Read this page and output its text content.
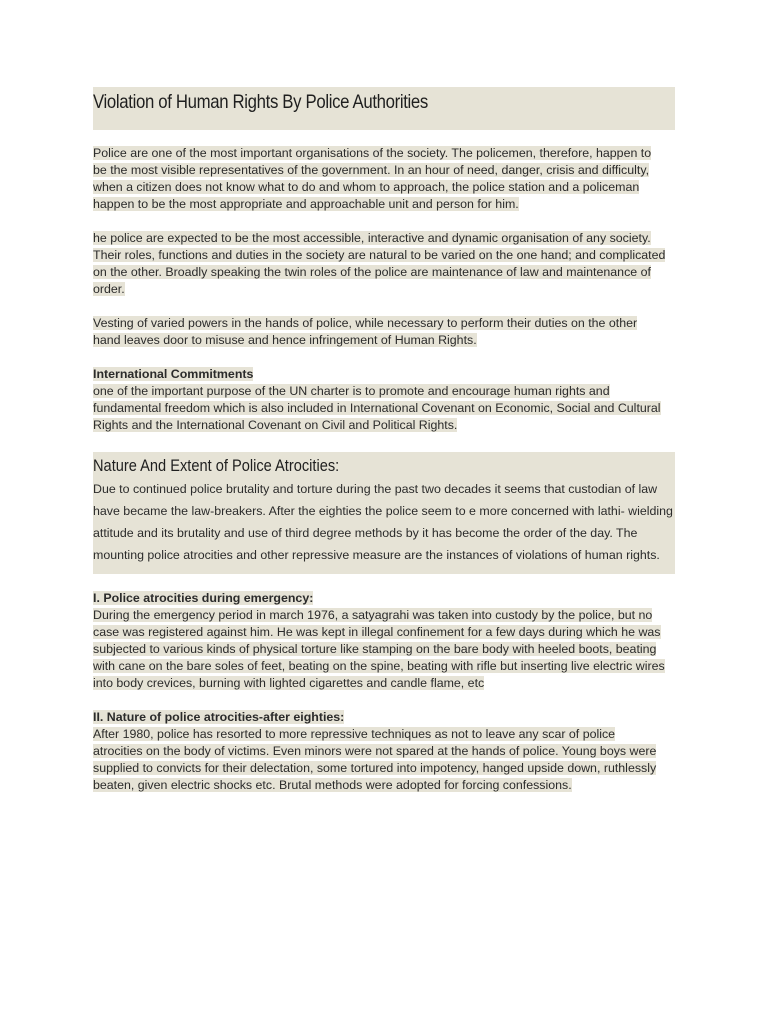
Violation of Human Rights By Police Authorities

Police are one of the most important organisations of the society. The policemen, therefore, happen to be the most visible representatives of the government. In an hour of need, danger, crisis and difficulty, when a citizen does not know what to do and whom to approach, the police station and a policeman happen to be the most appropriate and approachable unit and person for him.

he police are expected to be the most accessible, interactive and dynamic organisation of any society. Their roles, functions and duties in the society are natural to be varied on the one hand; and complicated on the other. Broadly speaking the twin roles of the police are maintenance of law and maintenance of order.

Vesting of varied powers in the hands of police, while necessary to perform their duties on the other hand leaves door to misuse and hence infringement of Human Rights.

International Commitments
one of the important purpose of the UN charter is to promote and encourage human rights and fundamental freedom which is also included in International Covenant on Economic, Social and Cultural Rights and the International Covenant on Civil and Political Rights.
Nature And Extent of Police Atrocities:

Due to continued police brutality and torture during the past two decades it seems that custodian of law have became the law-breakers. After the eighties the police seem to e more concerned with lathi- wielding attitude and its brutality and use of third degree methods by it has become the order of the day. The mounting police atrocities and other repressive measure are the instances of violations of human rights.

I. Police atrocities during emergency:
During the emergency period in march 1976, a satyagrahi was taken into custody by the police, but no case was registered against him. He was kept in illegal confinement for a few days during which he was subjected to various kinds of physical torture like stamping on the bare body with heeled boots, beating with cane on the bare soles of feet, beating on the spine, beating with rifle but inserting live electric wires into body crevices, burning with lighted cigarettes and candle flame, etc
II. Nature of police atrocities-after eighties:
After 1980, police has resorted to more repressive techniques as not to leave any scar of police atrocities on the body of victims. Even minors were not spared at the hands of police. Young boys were supplied to convicts for their delectation, some tortured into impotency, hanged upside down, ruthlessly beaten, given electric shocks etc. Brutal methods were adopted for forcing confessions.
